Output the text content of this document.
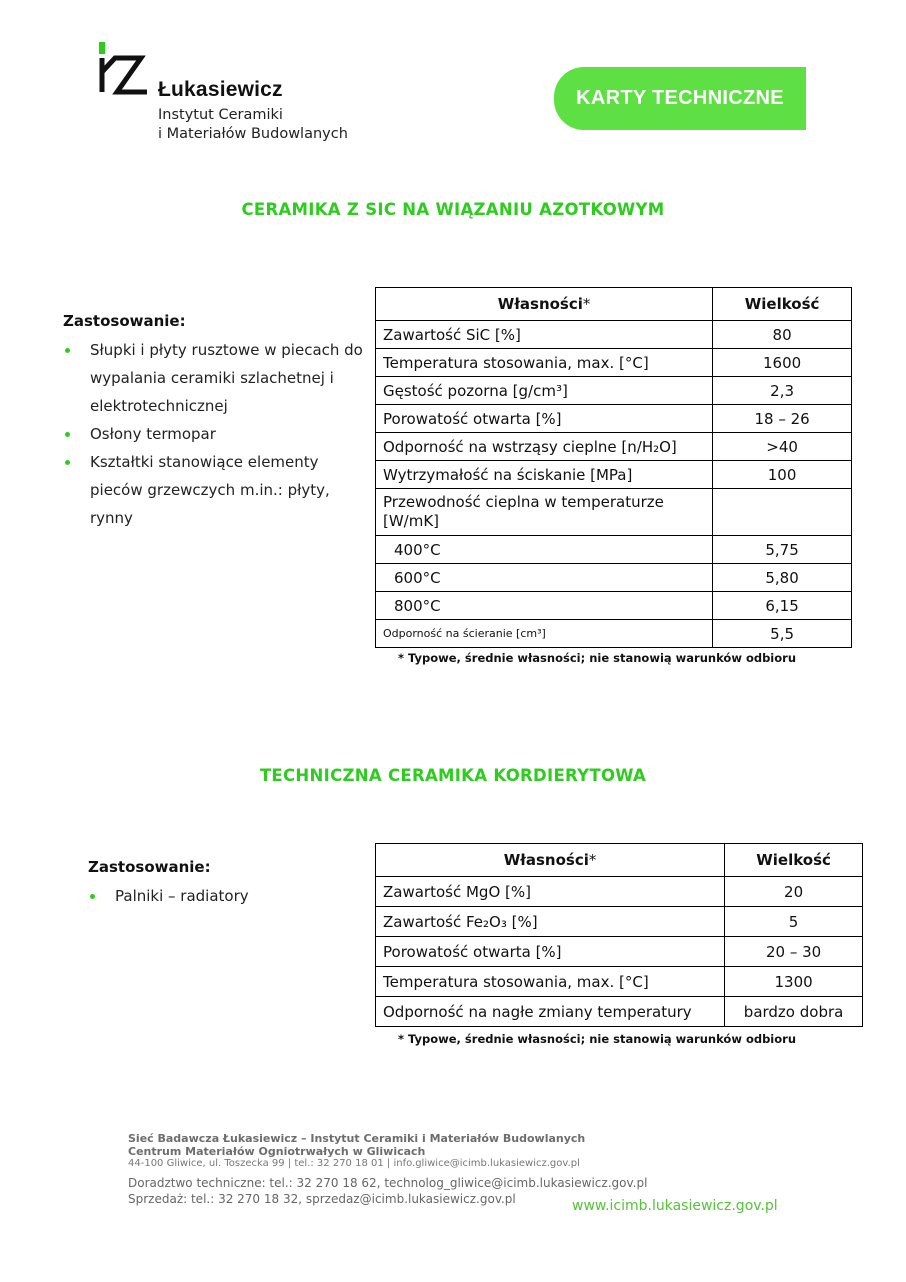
Łukasiewicz
Instytut Ceramiki
i Materiałów Budowlanych
KARTY TECHNICZNE
CERAMIKA Z SIC NA WIĄZANIU AZOTKOWYM
Zastosowanie:
Słupki i płyty rusztowe w piecach do wypalania ceramiki szlachetnej i elektrotechnicznej
Osłony termopar
Kształtki stanowiące elementy pieców grzewczych m.in.: płyty, rynny
Własności*	Wielkość
Zawartość SiC [%]	80
Temperatura stosowania, max. [°C]	1600
Gęstość pozorna [g/cm³]	2,3
Porowatość otwarta [%]	18 – 26
Odporność na wstrząsy cieplne [n/H₂O]	>40
Wytrzymałość na ściskanie [MPa]	100
Przewodność cieplna w temperaturze [W/mK]	
400°C	5,75
600°C	5,80
800°C	6,15
Odporność na ścieranie [cm³]	5,5
* Typowe, średnie własności; nie stanowią warunków odbioru
TECHNICZNA CERAMIKA KORDIERYTOWA
Zastosowanie:
Palniki – radiatory
Własności*	Wielkość
Zawartość MgO [%]	20
Zawartość Fe₂O₃ [%]	5
Porowatość otwarta [%]	20 – 30
Temperatura stosowania, max. [°C]	1300
Odporność na nagłe zmiany temperatury	bardzo dobra
* Typowe, średnie własności; nie stanowią warunków odbioru
Sieć Badawcza Łukasiewicz – Instytut Ceramiki i Materiałów Budowlanych
Centrum Materiałów Ogniotrwałych w Gliwicach
44-100 Gliwice, ul. Toszecka 99 | tel.: 32 270 18 01 | info.gliwice@icimb.lukasiewicz.gov.pl
Doradztwo techniczne: tel.: 32 270 18 62, technolog_gliwice@icimb.lukasiewicz.gov.pl
Sprzedaż: tel.: 32 270 18 32, sprzedaz@icimb.lukasiewicz.gov.pl	www.icimb.lukasiewicz.gov.pl
